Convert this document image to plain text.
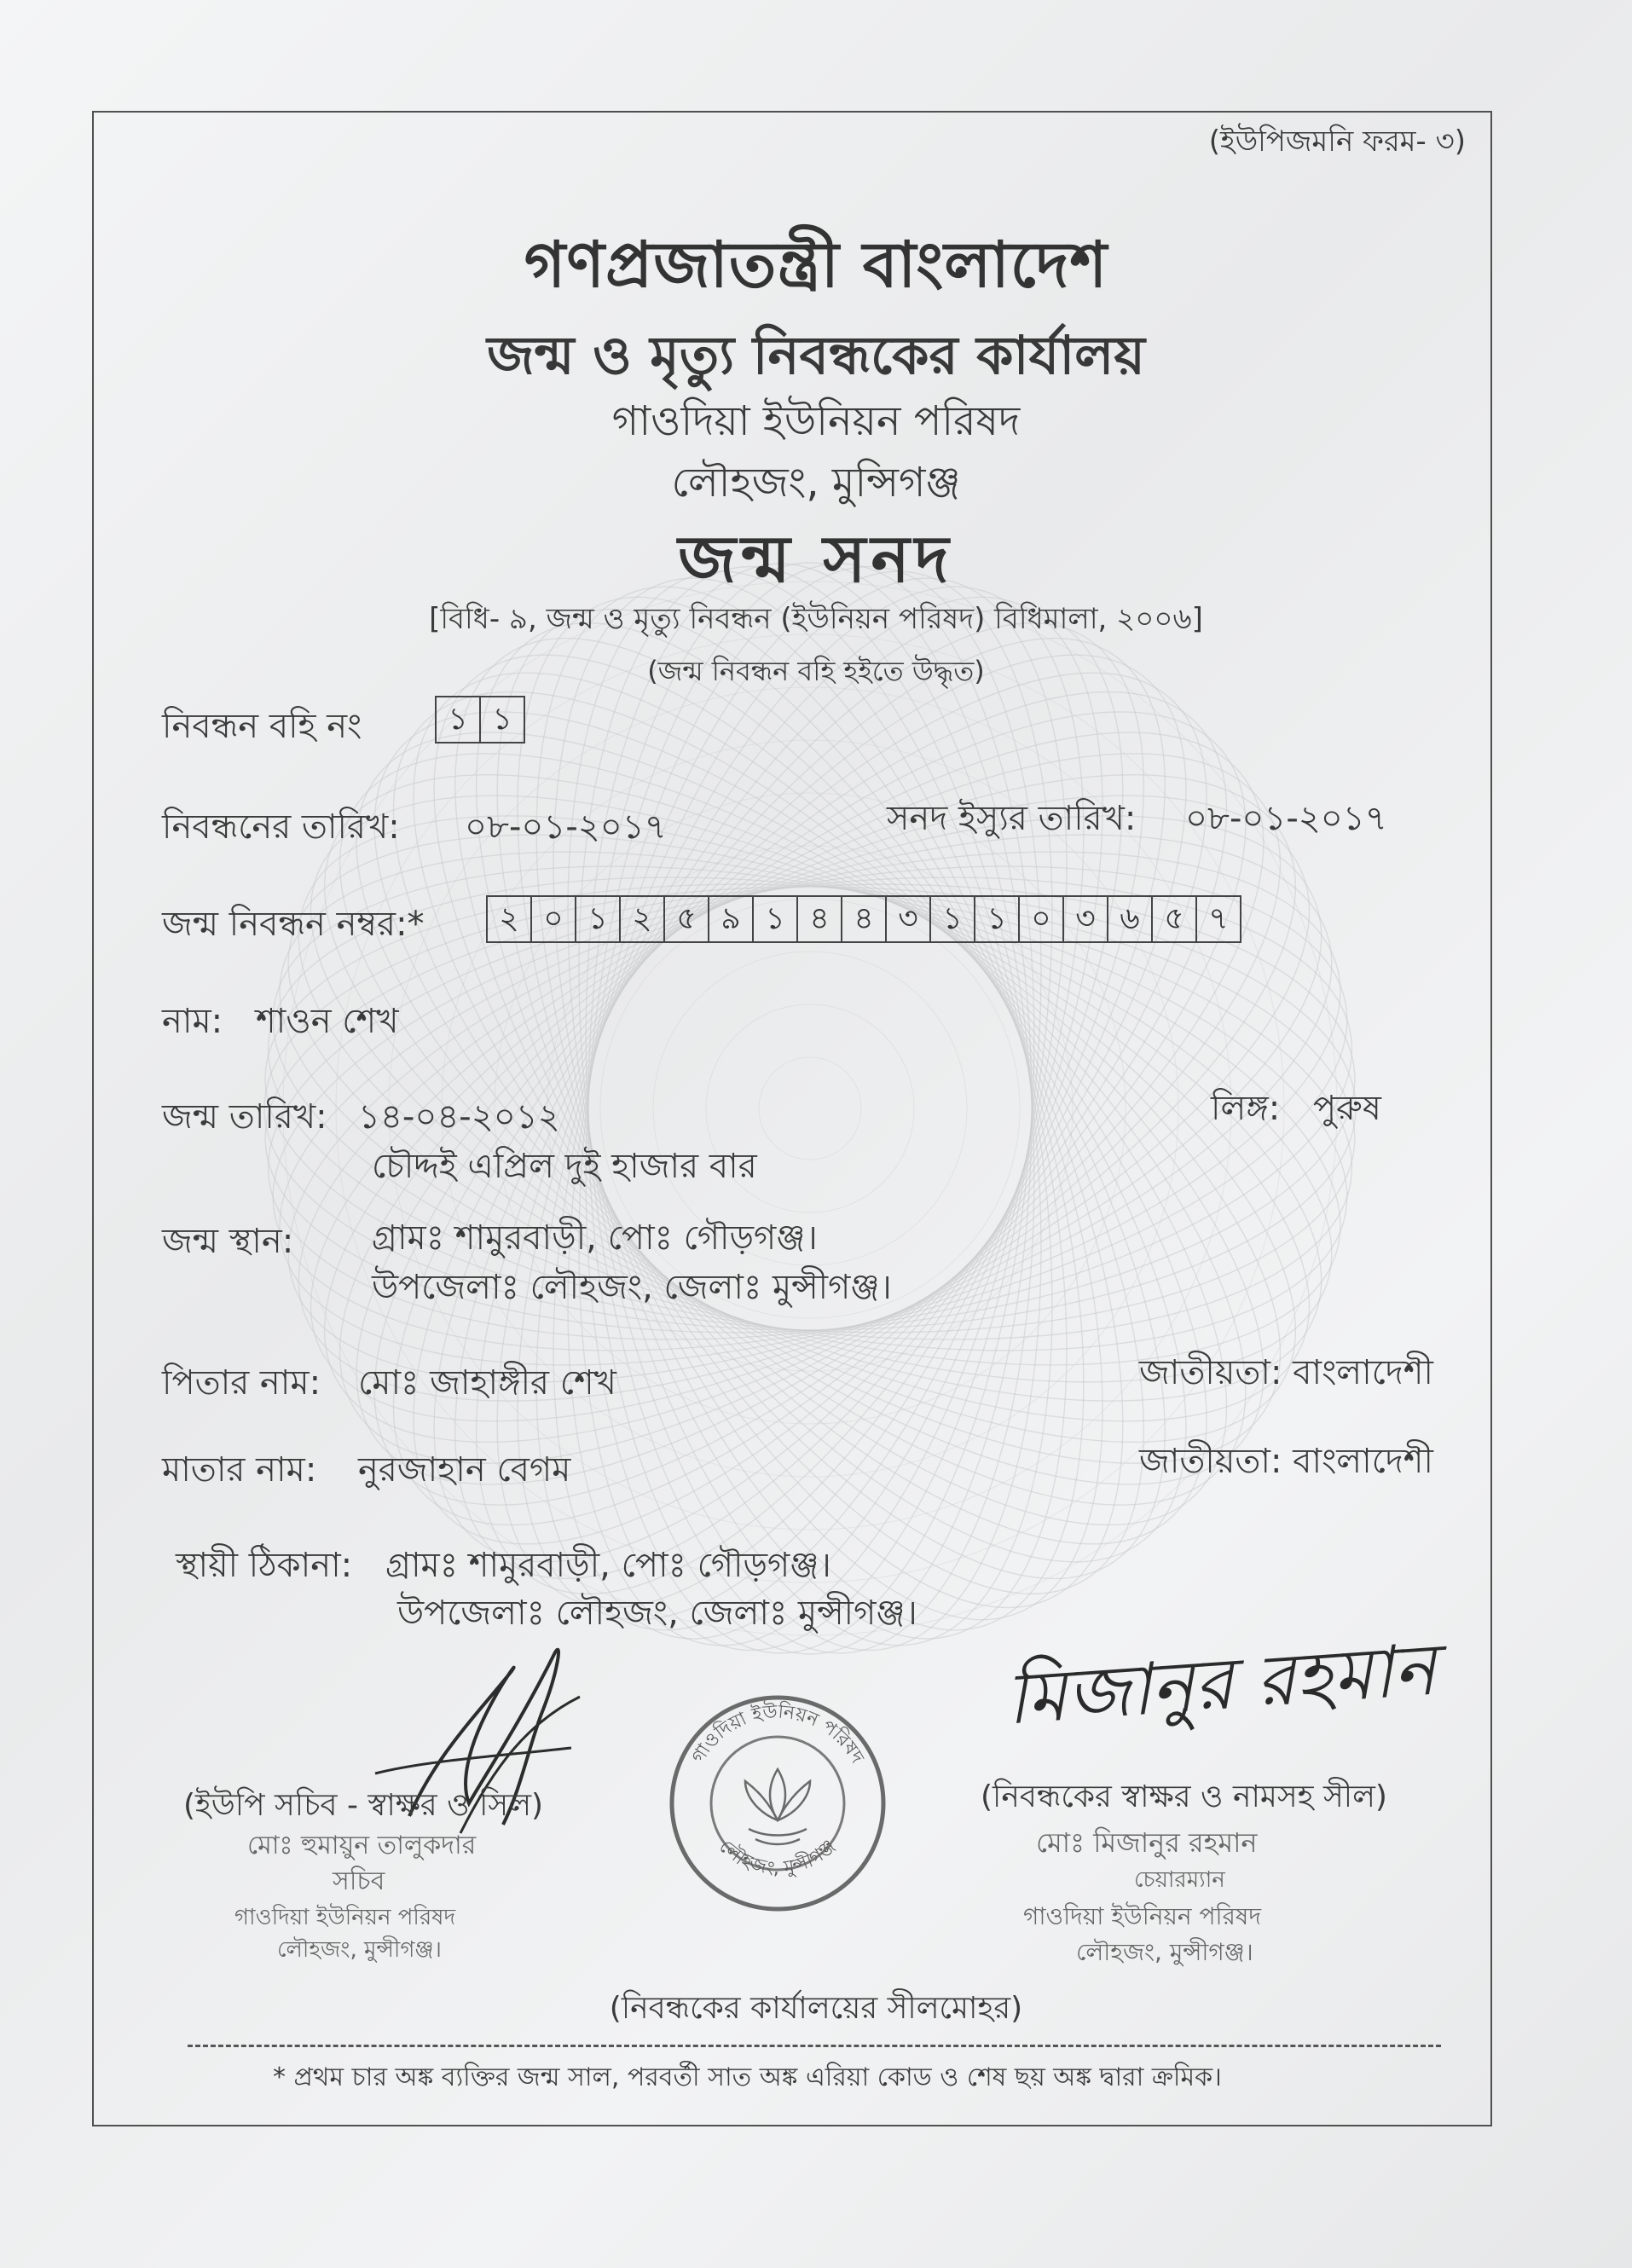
(ইউপিজমনি ফরম- ৩)
গণপ্রজাতন্ত্রী বাংলাদেশ
জন্ম ও মৃত্যু নিবন্ধকের কার্যালয়
গাওদিয়া ইউনিয়ন পরিষদ
লৌহজং, মুন্সিগঞ্জ
জন্ম সনদ
[বিধি- ৯, জন্ম ও মৃত্যু নিবন্ধন (ইউনিয়ন পরিষদ) বিধিমালা, ২০০৬]
(জন্ম নিবন্ধন বহি হইতে উদ্ধৃত)
নিবন্ধন বহি নং	১ ১
নিবন্ধনের তারিখ: ০৮-০১-২০১৭	সনদ ইস্যুর তারিখ: ০৮-০১-২০১৭
জন্ম নিবন্ধন নম্বর:*	২ ০ ১ ২ ৫ ৯ ১ ৪ ৪ ৩ ১ ১ ০ ৩ ৬ ৫ ৭
নাম: শাওন শেখ
জন্ম তারিখ: ১৪-০৪-২০১২
চৌদ্দই এপ্রিল দুই হাজার বার
লিঙ্গ: পুরুষ
জন্ম স্থান: গ্রামঃ শামুরবাড়ী, পোঃ গৌড়গঞ্জ।
উপজেলাঃ লৌহজং, জেলাঃ মুন্সীগঞ্জ।
পিতার নাম: মোঃ জাহাঙ্গীর শেখ	জাতীয়তা: বাংলাদেশী
মাতার নাম: নুরজাহান বেগম	জাতীয়তা: বাংলাদেশী
স্থায়ী ঠিকানা: গ্রামঃ শামুরবাড়ী, পোঃ গৌড়গঞ্জ।
উপজেলাঃ লৌহজং, জেলাঃ মুন্সীগঞ্জ।
(ইউপি সচিব - স্বাক্ষর ও সিল)
মোঃ হুমায়ুন তালুকদার
সচিব
গাওদিয়া ইউনিয়ন পরিষদ
লৌহজং, মুন্সীগঞ্জ।
গাওদিয়া ইউনিয়ন পরিষদ
লৌহজং, মুন্সীগঞ্জ
(নিবন্ধকের কার্যালয়ের সীলমোহর)
মিজানুর রহমান
(নিবন্ধকের স্বাক্ষর ও নামসহ সীল)
মোঃ মিজানুর রহমান
চেয়ারম্যান
গাওদিয়া ইউনিয়ন পরিষদ
লৌহজং, মুন্সীগঞ্জ।
* প্রথম চার অঙ্ক ব্যক্তির জন্ম সাল, পরবর্তী সাত অঙ্ক এরিয়া কোড ও শেষ ছয় অঙ্ক দ্বারা ক্রমিক।
